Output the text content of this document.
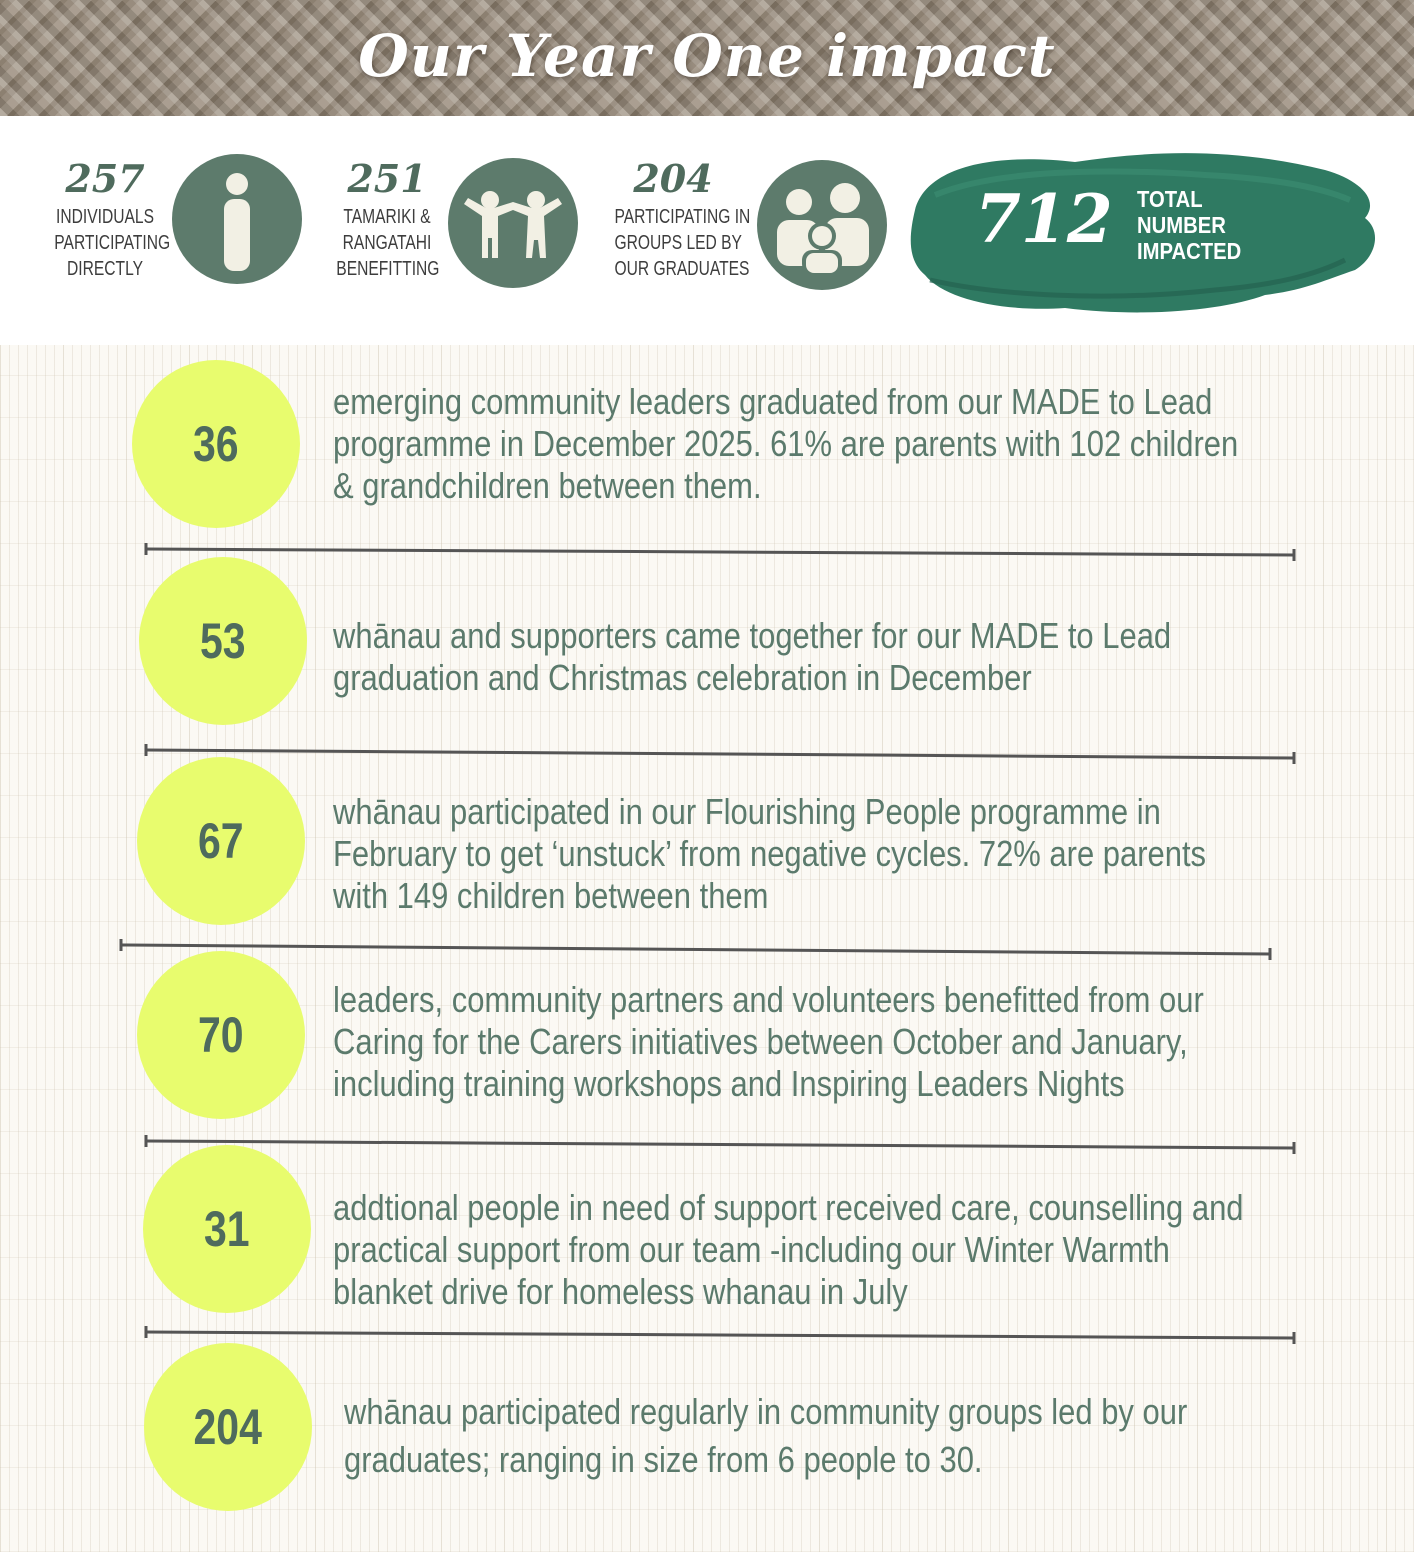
Our Year One impact
257
INDIVIDUALS
PARTICIPATING
DIRECTLY
251
TAMARIKI &
RANGATAHI
BENEFITTING
204
PARTICIPATING IN
GROUPS LED BY
OUR GRADUATES
712 TOTAL
NUMBER
IMPACTED
36
emerging community leaders graduated from our MADE to Lead
programme in December 2025. 61% are parents with 102 children
& grandchildren between them.
53 whānau and supporters came together for our MADE to Lead
graduation and Christmas celebration in December
67
whānau participated in our Flourishing People programme in
February to get ‘unstuck’ from negative cycles. 72% are parents
with 149 children between them
70
leaders, community partners and volunteers benefitted from our
Caring for the Carers initiatives between October and January,
including training workshops and Inspiring Leaders Nights
31 addtional people in need of support received care, counselling and
practical support from our team -including our Winter Warmth
blanket drive for homeless whanau in July
204 whānau participated regularly in community groups led by our
graduates; ranging in size from 6 people to 30.
